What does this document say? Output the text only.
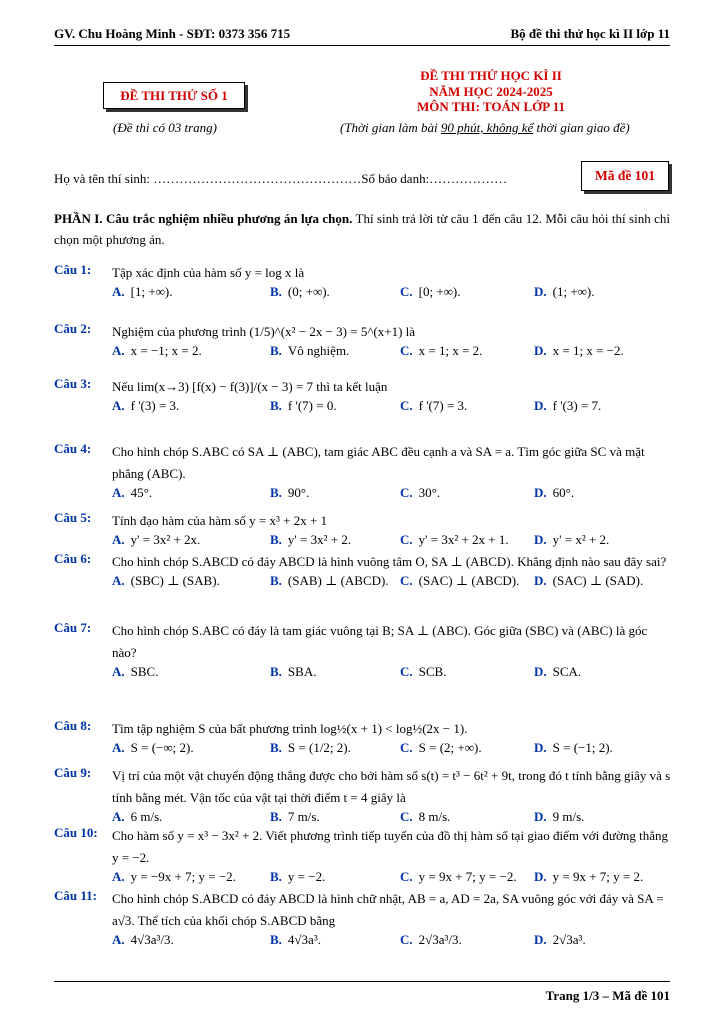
GV. Chu Hoàng Minh - SĐT: 0373 356 715	Bộ đề thi thử học kì II lớp 11
ĐỀ THI THỬ SỐ 1
(Đề thi có 03 trang)
ĐỀ THI THỬ HỌC KÌ II
NĂM HỌC 2024-2025
MÔN THI: TOÁN LỚP 11
(Thời gian làm bài 90 phút, không kể thời gian giao đề)
Họ và tên thí sinh: …………………………………………Số báo danh:………………	Mã đề 101
PHẦN I. Câu trắc nghiệm nhiều phương án lựa chọn. Thí sinh trả lời từ câu 1 đến câu 12. Mỗi câu hỏi thí sinh chỉ chọn một phương án.
Câu 1: Tập xác định của hàm số y = log x là
A. [1; +∞).	B. (0; +∞).	C. [0; +∞).	D. (1; +∞).
Câu 2: Nghiệm của phương trình (1/5)^(x² − 2x − 3) = 5^(x+1) là
A. x = −1; x = 2.	B. Vô nghiệm.	C. x = 1; x = 2.	D. x = 1; x = −2.
Câu 3: Nếu lim(x→3) [f(x) − f(3)]/(x − 3) = 7 thì ta kết luận
A. f '(3) = 3.	B. f '(7) = 0.	C. f '(7) = 3.	D. f '(3) = 7.
Câu 4: Cho hình chóp S.ABC có SA ⊥ (ABC), tam giác ABC đều cạnh a và SA = a. Tìm góc giữa SC và mặt phẳng (ABC).
A. 45°.	B. 90°.	C. 30°.	D. 60°.
Câu 5: Tính đạo hàm của hàm số y = x³ + 2x + 1
A. y' = 3x² + 2x.	B. y' = 3x² + 2.	C. y' = 3x² + 2x + 1. D. y' = x² + 2.
Câu 6: Cho hình chóp S.ABCD có đáy ABCD là hình vuông tâm O, SA ⊥ (ABCD). Khẳng định nào sau đây sai?
A. (SBC) ⊥ (SAB).	B. (SAB) ⊥ (ABCD). C. (SAC) ⊥ (ABCD). D. (SAC) ⊥ (SAD).
Câu 7: Cho hình chóp S.ABC có đáy là tam giác vuông tại B; SA ⊥ (ABC). Góc giữa (SBC) và (ABC) là góc nào?
A. SBC.	B. SBA.	C. SCB.	D. SCA.
Câu 8: Tìm tập nghiệm S của bất phương trình log½(x + 1) < log½(2x − 1).
A. S = (−∞; 2).	B. S = (1/2; 2).	C. S = (2; +∞).	D. S = (−1; 2).
Câu 9: Vị trí của một vật chuyển động thẳng được cho bởi hàm số s(t) = t³ − 6t² + 9t, trong đó t tính bằng giây và s tính bằng mét. Vận tốc của vật tại thời điểm t = 4 giây là
A. 6 m/s.	B. 7 m/s.	C. 8 m/s.	D. 9 m/s.
Câu 10: Cho hàm số y = x³ − 3x² + 2. Viết phương trình tiếp tuyến của đồ thị hàm số tại giao điểm với đường thẳng y = −2.
A. y = −9x + 7; y = −2.	B. y = −2.	C. y = 9x + 7; y = −2. D. y = 9x + 7; y = 2.
Câu 11: Cho hình chóp S.ABCD có đáy ABCD là hình chữ nhật, AB = a, AD = 2a, SA vuông góc với đáy và SA = a√3. Thể tích của khối chóp S.ABCD bằng
A. 4√3a³/3.	B. 4√3a³.	C. 2√3a³/3.	D. 2√3a³.
Trang 1/3 – Mã đề 101
